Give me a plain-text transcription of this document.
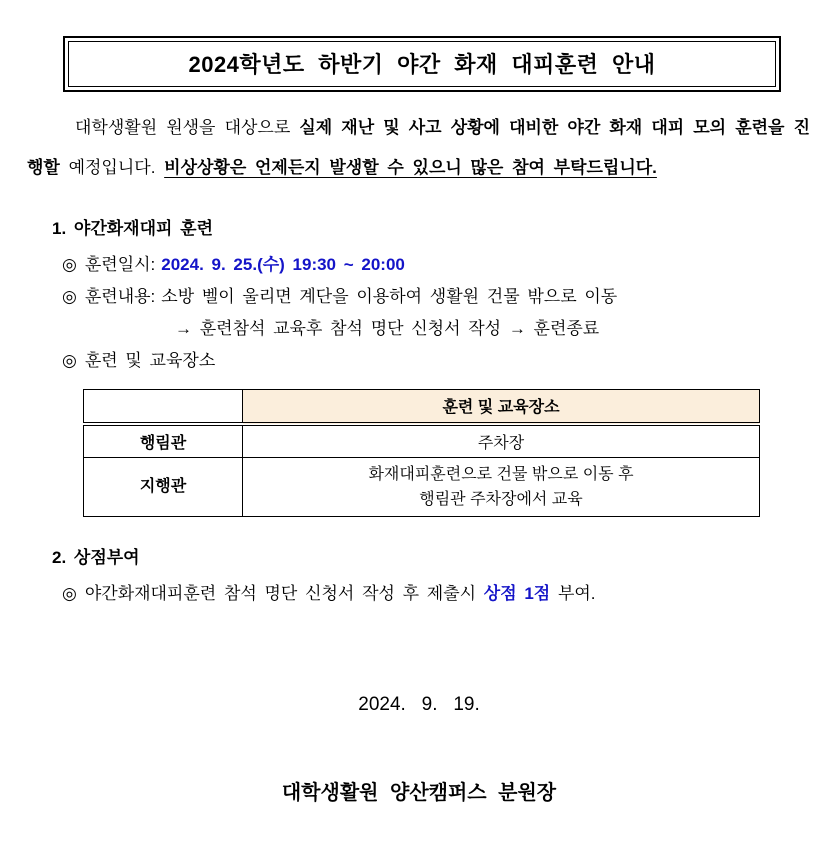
2024학년도 하반기 야간 화재 대피훈련 안내

대학생활원 원생을 대상으로 실제 재난 및 사고 상황에 대비한 야간 화재 대피 모의 훈련을 진행할 예정입니다. 비상상황은 언제든지 발생할 수 있으니 많은 참여 부탁드립니다.

1. 야간화재대피 훈련
◎ 훈련일시: 2024. 9. 25.(수) 19:30 ~ 20:00
◎ 훈련내용: 소방 벨이 울리면 계단을 이용하여 생활원 건물 밖으로 이동
→ 훈련참석 교육후 참석 명단 신청서 작성 → 훈련종료
◎ 훈련 및 교육장소
	훈련 및 교육장소
행림관	주차장
지행관	화재대피훈련으로 건물 밖으로 이동 후
행림관 주차장에서 교육
2. 상점부여
◎ 야간화재대피훈련 참석 명단 신청서 작성 후 제출시 상점 1점 부여.
2024.   9.   19.
대학생활원 양산캠퍼스 분원장
